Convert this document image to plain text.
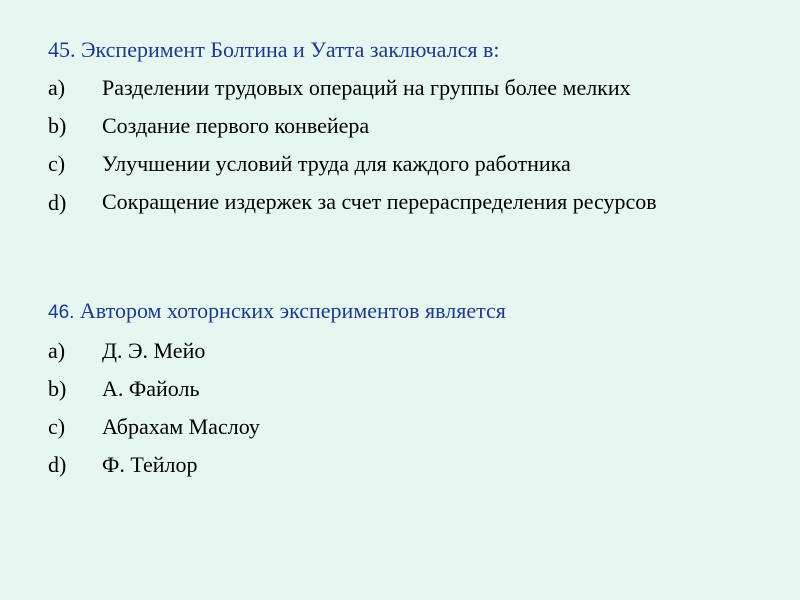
45. Эксперимент Болтина и Уатта заключался в:
a)	Разделении трудовых операций на группы более мелких
b)	Создание первого конвейера
c)	Улучшении условий труда для каждого работника
d)	Сокращение издержек за счет перераспределения ресурсов
46. Автором хоторнских экспериментов является
a)	Д. Э. Мейо
b)	А. Файоль
c)	Абрахам Маслоу
d)	Ф. Тейлор
